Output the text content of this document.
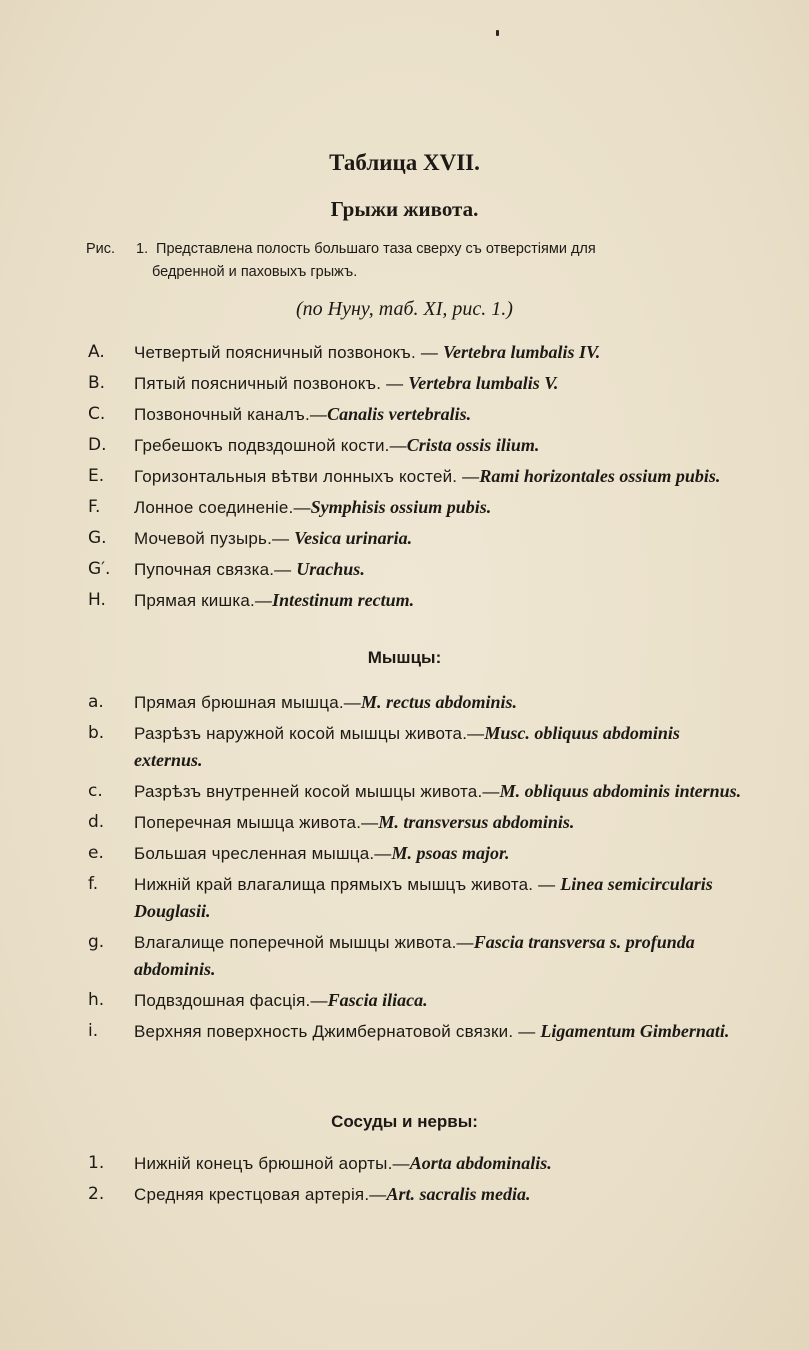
Таблица XVII.
Грыжи живота.
Рис. 1. Представлена полость большаго таза сверху съ отверстіями для
бедренной и паховыхъ грыжъ.
(по Нуну, таб. XI, рис. 1.)
A.	Четвертый поясничный позвонокъ. — Vertebra lumbalis IV.
B.	Пятый поясничный позвонокъ. — Vertebra lumbalis V.
C.	Позвоночный каналъ.—Canalis vertebralis.
D.	Гребешокъ подвздошной кости.—Crista ossis ilium.
E.	Горизонтальныя вѣтви лонныхъ костей. —Rami horizontales ossium pubis.
F.	Лонное соединеніе.—Symphisis ossium pubis.
G.	Мочевой пузырь.— Vesica urinaria.
G′.	Пупочная связка.— Urachus.
H.	Прямая кишка.—Intestinum rectum.
Мышцы:
a.	Прямая брюшная мышца.—M. rectus abdominis.
b.	Разрѣзъ наружной косой мышцы живота.—Musc. obliquus abdominis externus.
c.	Разрѣзъ внутренней косой мышцы живота.—M. obliquus abdominis internus.
d.	Поперечная мышца живота.—M. transversus abdominis.
e.	Большая чресленная мышца.—M. psoas major.
f.	Нижній край влагалища прямыхъ мышцъ живота. — Linea semicircularis Douglasii.
g.	Влагалище поперечной мышцы живота.—Fascia transversa s. profunda abdominis.
h.	Подвздошная фасція.—Fascia iliaca.
i.	Верхняя поверхность Джимбернатовой связки. — Ligamentum Gimbernati.
Сосуды и нервы:
1.	Нижній конецъ брюшной аорты.—Aorta abdominalis.
2.	Средняя крестцовая артерія.—Art. sacralis media.
